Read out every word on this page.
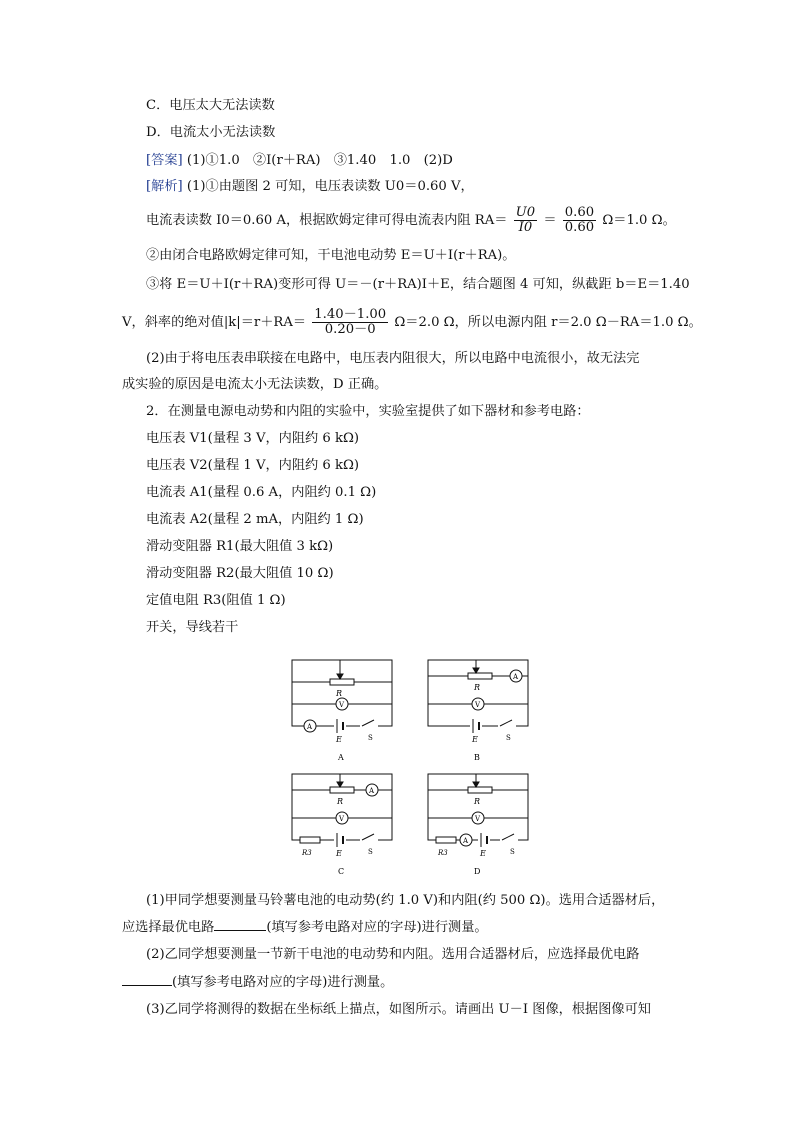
C．电压太大无法读数
D．电流太小无法读数
[答案] (1)①1.0　②I(r＋RA)　③1.40　1.0　(2)D
[解析] (1)①由题图 2 可知，电压表读数 U0＝0.60 V，
电流表读数 I0＝0.60 A，根据欧姆定律可得电流表内阻 $RA= \frac{U0}{I0} = \frac{0.60}{0.60} \Omega=1.0$ Ω。
②由闭合电路欧姆定律可知，干电池电动势 E＝U＋I(r＋RA)。
③将 E＝U＋I(r＋RA)变形可得 U＝－(r＋RA)I＋E，结合题图 4 可知，纵截距 b＝E＝1.40
V，斜率的绝对值$|k|=r+RA= \frac{1.40-1.00}{0.20-0} \Omega=2.0$ Ω，所以电源内阻 r＝2.0 Ω－RA＝1.0 Ω。
(2)由于将电压表串联接在电路中，电压表内阻很大，所以电路中电流很小，故无法完
成实验的原因是电流太小无法读数，D 正确。
2．在测量电源电动势和内阻的实验中，实验室提供了如下器材和参考电路：
电压表 V1(量程 3 V，内阻约 6 kΩ)
电压表 V2(量程 1 V，内阻约 6 kΩ)
电流表 A1(量程 0.6 A，内阻约 0.1 Ω)
电流表 A2(量程 2 mA，内阻约 1 Ω)
滑动变阻器 R1(最大阻值 3 kΩ)
滑动变阻器 R2(最大阻值 10 Ω)
定值电阻 R3(阻值 1 Ω)
开关，导线若干
R
V
A
E	S
A
R
A
V
E	S
B
R
A
V
R3	E	S
C
R
V
A
R3	E	S
D
(1)甲同学想要测量马铃薯电池的电动势(约 1.0 V)和内阻(约 500 Ω)。选用合适器材后，
应选择最优电路	(填写参考电路对应的字母)进行测量。
(2)乙同学想要测量一节新干电池的电动势和内阻。选用合适器材后，应选择最优电路
(填写参考电路对应的字母)进行测量。
(3)乙同学将测得的数据在坐标纸上描点，如图所示。请画出 U－I 图像，根据图像可知
